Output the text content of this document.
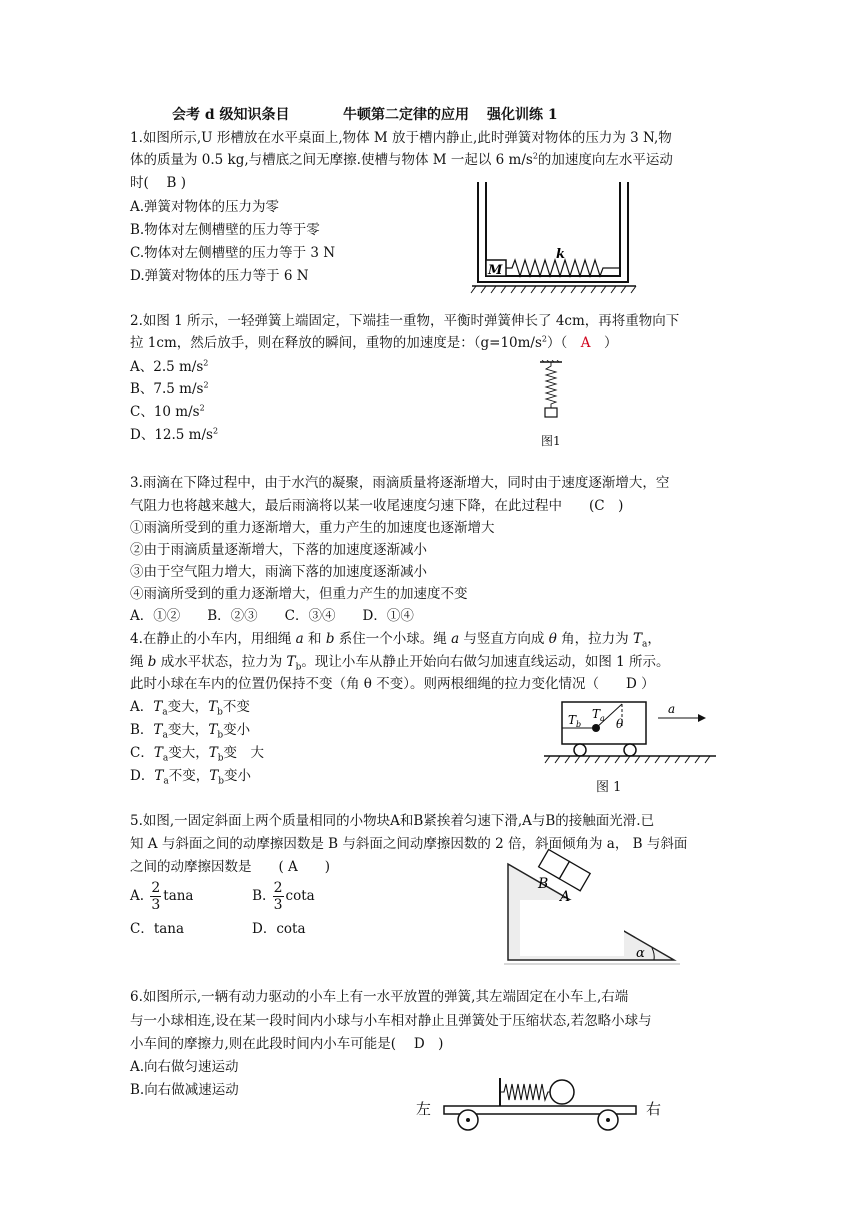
会考 d 级知识条目	牛顿第二定律的应用 强化训练 1
1.如图所示,U 形槽放在水平桌面上,物体 M 放于槽内静止,此时弹簧对物体的压力为 3 N,物
体的质量为 0.5 kg,与槽底之间无摩擦.使槽与物体 M 一起以 6 $m/s^2$的加速度向左水平运动
时(　 B )
A.弹簧对物体的压力为零
B.物体对左侧槽壁的压力等于零
C.物体对左侧槽壁的压力等于 3 N
D.弹簧对物体的压力等于 6 N	M
k
2.如图 1 所示，一轻弹簧上端固定，下端挂一重物，平衡时弹簧伸长了 4cm，再将重物向下
拉 1cm，然后放手，则在释放的瞬间，重物的加速度是：$(g=10m/s^2)$（　A　）
A、2.5 $m/s^2$
B、7.5 $m/s^2$
C、10 $m/s^2$
D、12.5 $m/s^2$
图1
3.雨滴在下降过程中，由于水汽的凝聚，雨滴质量将逐渐增大，同时由于速度逐渐增大，空
气阻力也将越来越大，最后雨滴将以某一收尾速度匀速下降，在此过程中　　(C　)
①雨滴所受到的重力逐渐增大，重力产生的加速度也逐渐增大
②由于雨滴质量逐渐增大，下落的加速度逐渐减小
③由于空气阻力增大，雨滴下落的加速度逐渐减小
④雨滴所受到的重力逐渐增大，但重力产生的加速度不变
A．①②　　B．②③　　C．③④　　D．①④
4.在静止的小车内，用细绳 a 和 b 系住一个小球。绳 a 与竖直方向成 θ 角，拉力为 $T_a$，
绳 b 成水平状态，拉力为 $T_b$。现让小车从静止开始向右做匀加速直线运动，如图 1 所示。
此时小球在车内的位置仍保持不变（角 θ 不变）。则两根细绳的拉力变化情况（　　D ）
A．$T_a$变大，$T_b$不变
B．$T_a$变大，$T_b$变小
C．$T_a$变大，$T_b$变　大
D．$T_a$不变，$T_b$变小
$T_b$
$T_a$ θ
a
图 1
5.如图,一固定斜面上两个质量相同的小物块A和B紧挨着匀速下滑,A与B的接触面光滑.已
知 A 与斜面之间的动摩擦因数是 B 与斜面之间动摩擦因数的 2 倍，斜面倾角为 a， B 与斜面
之间的动摩擦因数是　　( A　　)
A. $\frac{2}{3}$ tana	B. $\frac{2}{3}$ cota
C．tana	D．cota
B
A
α
6.如图所示,一辆有动力驱动的小车上有一水平放置的弹簧,其左端固定在小车上,右端
与一小球相连,设在某一段时间内小球与小车相对静止且弹簧处于压缩状态,若忽略小球与
小车间的摩擦力,则在此段时间内小车可能是(　 D　)
A.向右做匀速运动
B.向右做减速运动
左	右
